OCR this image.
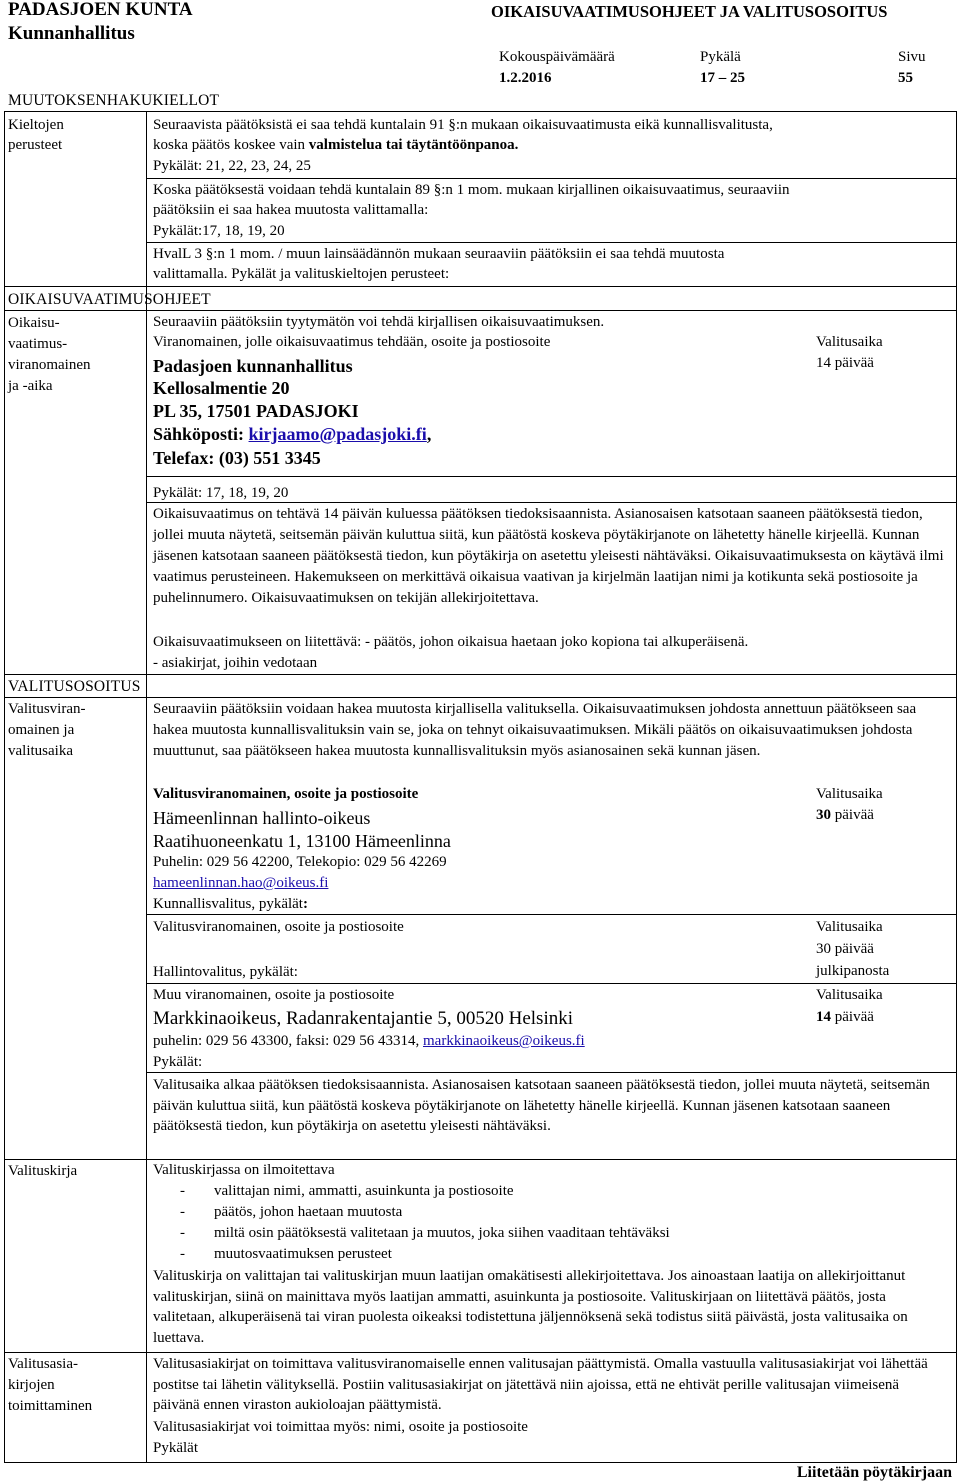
PADASJOEN KUNTA
Kunnanhallitus
OIKAISUVAATIMUSOHJEET JA VALITUSOSOITUS
Kokouspäivämäärä
1.2.2016
Pykälä
17 – 25
Sivu
55
MUUTOKSENHAKUKIELLOT
Kieltojen
perusteet
Seuraavista päätöksistä ei saa tehdä kuntalain 91 §:n mukaan oikaisuvaatimusta eikä kunnallisvalitusta,
koska päätös koskee vain valmistelua tai täytäntöönpanoa.
Pykälät: 21, 22, 23, 24, 25
Koska päätöksestä voidaan tehdä kuntalain 89 §:n 1 mom. mukaan kirjallinen oikaisuvaatimus, seuraaviin
päätöksiin ei saa hakea muutosta valittamalla:
Pykälät:17, 18, 19, 20
HvalL 3 §:n 1 mom. / muun lainsäädännön mukaan seuraaviin päätöksiin ei saa tehdä muutosta
valittamalla. Pykälät ja valituskieltojen perusteet:
OIKAISUVAATIMUSOHJEET
Oikaisu-
vaatimus-
viranomainen
ja -aika
Seuraaviin päätöksiin tyytymätön voi tehdä kirjallisen oikaisuvaatimuksen.
Viranomainen, jolle oikaisuvaatimus tehdään, osoite ja postiosoite
Padasjoen kunnanhallitus
Kellosalmentie 20
PL 35, 17501 PADASJOKI
Sähköposti: kirjaamo@padasjoki.fi,
Telefax: (03) 551 3345
Valitusaika
14 päivää
Pykälät: 17, 18, 19, 20
Oikaisuvaatimus on tehtävä 14 päivän kuluessa päätöksen tiedoksisaannista. Asianosaisen katsotaan saaneen päätöksestä tiedon, jollei muuta näytetä, seitsemän päivän kuluttua siitä, kun päätöstä koskeva pöytäkirjanote on lähetetty hänelle kirjeellä. Kunnan jäsenen katsotaan saaneen päätöksestä tiedon, kun pöytäkirja on asetettu yleisesti nähtäväksi. Oikaisuvaatimuksesta on käytävä ilmi vaatimus perusteineen. Hakemukseen on merkittävä oikaisua vaativan ja kirjelmän laatijan nimi ja kotikunta sekä postiosoite ja puhelinnumero. Oikaisuvaatimuksen on tekijän allekirjoitettava.
Oikaisuvaatimukseen on liitettävä: - päätös, johon oikaisua haetaan joko kopiona tai alkuperäisenä.
- asiakirjat, joihin vedotaan
VALITUSOSOITUS
Valitusviran-
omainen ja
valitusaika
Seuraaviin päätöksiin voidaan hakea muutosta kirjallisella valituksella. Oikaisuvaatimuksen johdosta annettuun päätökseen saa hakea muutosta kunnallisvalituksin vain se, joka on tehnyt oikaisuvaatimuksen. Mikäli päätös on oikaisuvaatimuksen johdosta muuttunut, saa päätökseen hakea muutosta kunnallisvalituksin myös asianosainen sekä kunnan jäsen.
Valitusviranomainen, osoite ja postiosoite
Hämeenlinnan hallinto-oikeus
Raatihuoneenkatu 1, 13100 Hämeenlinna
Puhelin: 029 56 42200, Telekopio: 029 56 42269
hameenlinnan.hao@oikeus.fi
Kunnallisvalitus, pykälät:
Valitusaika
30 päivää
Valitusviranomainen, osoite ja postiosoite
Hallintovalitus, pykälät:
Valitusaika
30 päivää
julkipanosta
Muu viranomainen, osoite ja postiosoite
Markkinaoikeus, Radanrakentajantie 5, 00520 Helsinki
puhelin: 029 56 43300, faksi: 029 56 43314, markkinaoikeus@oikeus.fi
Pykälät:
Valitusaika
14 päivää
Valitusaika alkaa päätöksen tiedoksisaannista. Asianosaisen katsotaan saaneen päätöksestä tiedon, jollei muuta näytetä, seitsemän päivän kuluttua siitä, kun päätöstä koskeva pöytäkirjanote on lähetetty hänelle kirjeellä. Kunnan jäsenen katsotaan saaneen päätöksestä tiedon, kun pöytäkirja on asetettu yleisesti nähtäväksi.
Valituskirja	Valituskirjassa on ilmoitettava
- valittajan nimi, ammatti, asuinkunta ja postiosoite
- päätös, johon haetaan muutosta
- miltä osin päätöksestä valitetaan ja muutos, joka siihen vaaditaan tehtäväksi
- muutosvaatimuksen perusteet
Valituskirja on valittajan tai valituskirjan muun laatijan omakätisesti allekirjoitettava. Jos ainoastaan laatija on allekirjoittanut valituskirjan, siinä on mainittava myös laatijan ammatti, asuinkunta ja postiosoite. Valituskirjaan on liitettävä päätös, josta valitetaan, alkuperäisenä tai viran puolesta oikeaksi todistettuna jäljennöksenä sekä todistus siitä päivästä, josta valitusaika on luettava.
Valitusasia-
kirjojen
toimittaminen
Valitusasiakirjat on toimittava valitusviranomaiselle ennen valitusajan päättymistä. Omalla vastuulla valitusasiakirjat voi lähettää postitse tai lähetin välityksellä. Postiin valitusasiakirjat on jätettävä niin ajoissa, että ne ehtivät perille valitusajan viimeisenä päivänä ennen viraston aukioloajan päättymistä.
Valitusasiakirjat voi toimittaa myös: nimi, osoite ja postiosoite
Pykälät
Liitetään pöytäkirjaan
